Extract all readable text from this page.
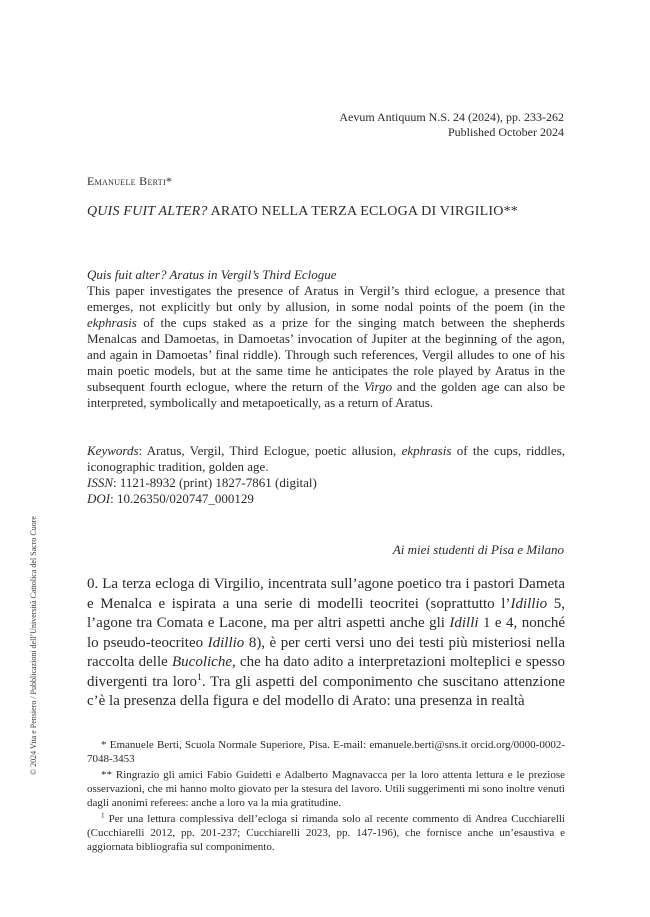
Aevum Antiquum N.S. 24 (2024), pp. 233-262
Published October 2024
Emanuele Berti*
QUIS FUIT ALTER? ARATO NELLA TERZA ECLOGA DI VIRGILIO**

Quis fuit alter? Aratus in Vergil’s Third Eclogue

This paper investigates the presence of Aratus in Vergil’s third eclogue, a presence that emerges, not explicitly but only by allusion, in some nodal points of the poem (in the ekphrasis of the cups staked as a prize for the singing match between the shepherds Menalcas and Damoetas, in Damoetas’ invocation of Jupiter at the beginning of the agon, and again in Damoetas’ final riddle). Through such references, Vergil alludes to one of his main poetic models, but at the same time he anticipates the role played by Aratus in the subsequent fourth eclogue, where the return of the Virgo and the golden age can also be interpreted, symbolically and metapoetically, as a return of Aratus.

Keywords: Aratus, Vergil, Third Eclogue, poetic allusion, ekphrasis of the cups, riddles, iconographic tradition, golden age.

ISSN: 1121-8932 (print) 1827-7861 (digital)

DOI: 10.26350/020747_000129

Ai miei studenti di Pisa e Milano

0. La terza ecloga di Virgilio, incentrata sull’agone poetico tra i pastori Dameta e Menalca e ispirata a una serie di modelli teocritei (soprattutto l’Idillio 5, l’agone tra Comata e Lacone, ma per altri aspetti anche gli Idilli 1 e 4, nonché lo pseudo-teocriteo Idillio 8), è per certi versi uno dei testi più misteriosi nella raccolta delle Bucoliche, che ha dato adito a interpretazioni molteplici e spesso divergenti tra loro$^1$. Tra gli aspetti del componimento che suscitano attenzione c’è la presenza della figura e del modello di Arato: una presenza in realtà

* Emanuele Berti, Scuola Normale Superiore, Pisa. E-mail: emanuele.berti@sns.it orcid.org/0000-0002-7048-3453

** Ringrazio gli amici Fabio Guidetti e Adalberto Magnavacca per la loro attenta lettura e le preziose osservazioni, che mi hanno molto giovato per la stesura del lavoro. Utili suggerimenti mi sono inoltre venuti dagli anonimi referees: anche a loro va la mia gratitudine.

$^1$ Per una lettura complessiva dell’ecloga si rimanda solo al recente commento di Andrea Cucchiarelli (Cucchiarelli 2012, pp. 201-237; Cucchiarelli 2023, pp. 147-196), che fornisce anche un’esaustiva e aggiornata bibliografia sul componimento.

© 2024 Vita e Pensiero / Pubblicazioni dell’Università Cattolica del Sacro Cuore
